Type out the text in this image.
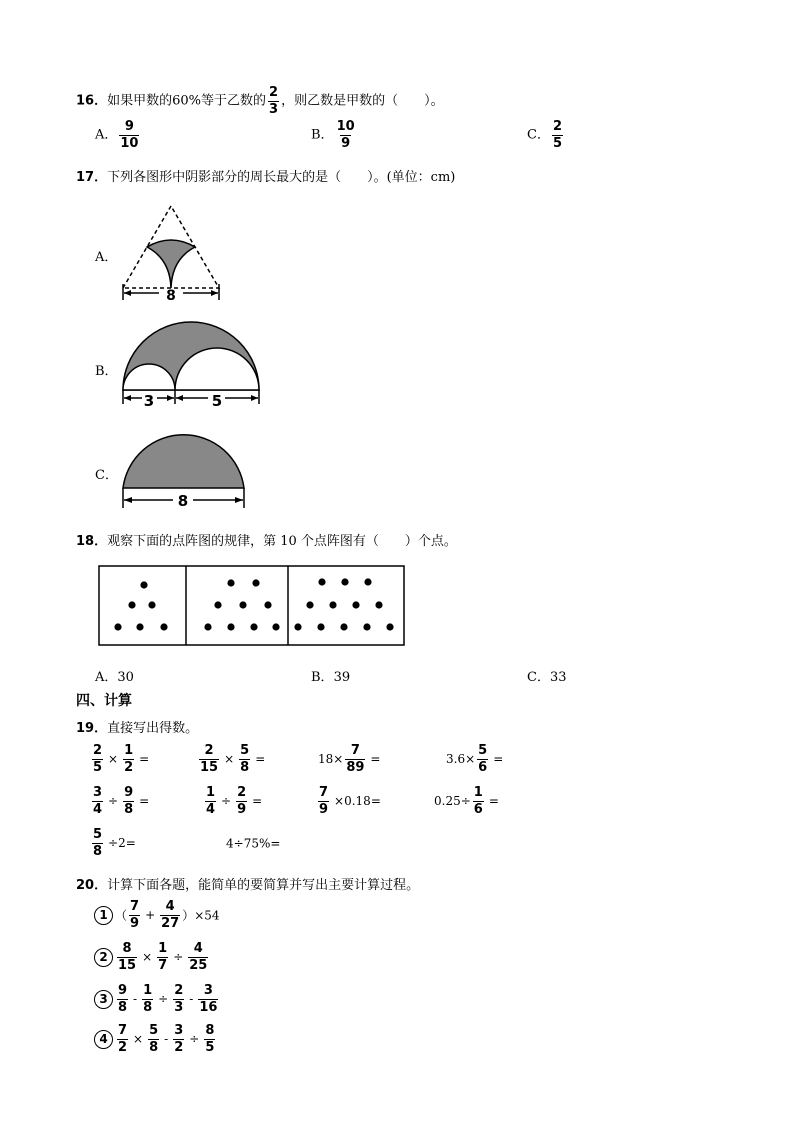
16．如果甲数的60%等于乙数的 $\frac{2}{3}$ ，则乙数是甲数的（　　）。
A． $\frac{9}{10}$	B． $\frac{10}{9}$	C． $\frac{2}{5}$
17．下列各图形中阴影部分的周长最大的是（　　）。(单位：cm)
A．
8
B．
3	5
C．
8
18．观察下面的点阵图的规律，第 10 个点阵图有（　　）个点。
A．30	B．39	C．33
四、计算
19．直接写出得数。
$\frac{2}{5} \times \frac{1}{2}$ =	$\frac{2}{15} \times \frac{5}{8}$ =	$18\times \frac{7}{89}$ =	$3.6\times \frac{5}{6}$ =
$\frac{3}{4} \div \frac{9}{8}$ =	$\frac{1}{4} \div \frac{2}{9}$ =	$\frac{7}{9} \times 0.18=$	$0.25\div \frac{1}{6}$ =
$\frac{5}{8} \div 2=$	4÷75%=
20．计算下面各题，能简单的要简算并写出主要计算过程。
1 （ $\frac{7}{9} + \frac{4}{27} )\times 54$
$2 \frac{8}{15} \times \frac{1}{7} \div \frac{4}{25}$
$3 \frac{9}{8} - \frac{1}{8} \div \frac{2}{3} - \frac{3}{16}$
$4 \frac{7}{2} \times \frac{5}{8} - \frac{3}{2} \div \frac{8}{5}$
